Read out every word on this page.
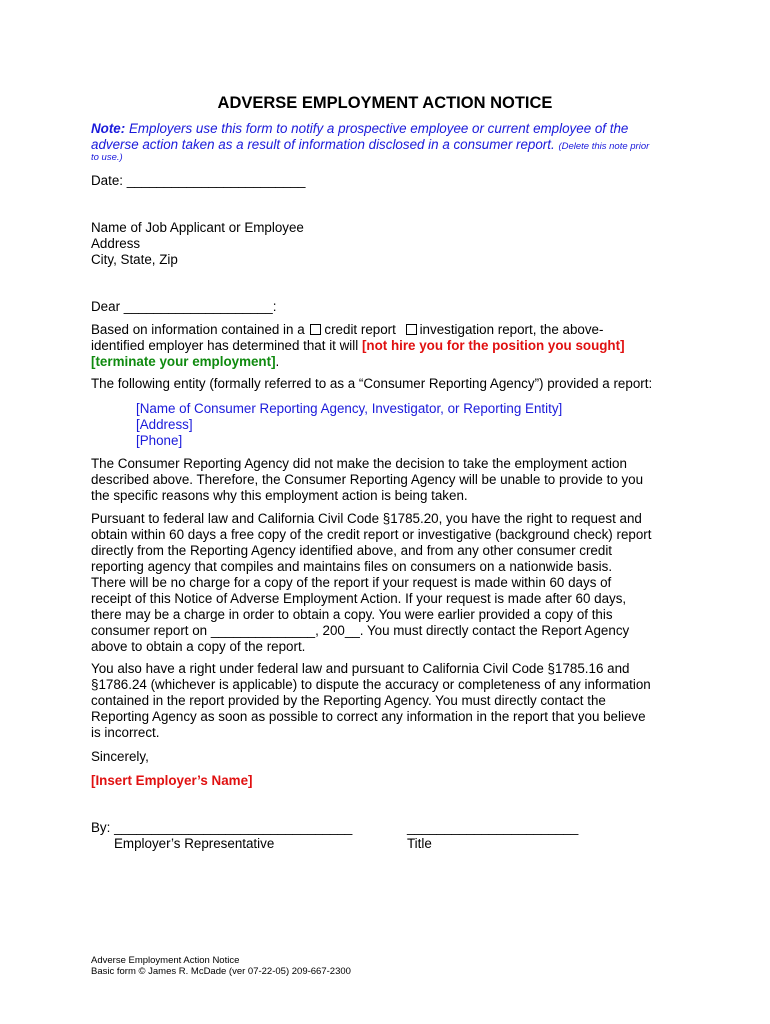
ADVERSE EMPLOYMENT ACTION NOTICE
Note: Employers use this form to notify a prospective employee or current employee of the
adverse action taken as a result of information disclosed in a consumer report. (Delete this note prior
to use.)
Date: ________________________
Name of Job Applicant or Employee
Address
City, State, Zip
Dear ____________________:
Based on information contained in a credit report investigation report, the above-
identified employer has determined that it will [not hire you for the position you sought]
[terminate your employment].
The following entity (formally referred to as a “Consumer Reporting Agency”) provided a report:
[Name of Consumer Reporting Agency, Investigator, or Reporting Entity]
[Address]
[Phone]
The Consumer Reporting Agency did not make the decision to take the employment action
described above. Therefore, the Consumer Reporting Agency will be unable to provide to you
the specific reasons why this employment action is being taken.
Pursuant to federal law and California Civil Code §1785.20, you have the right to request and
obtain within 60 days a free copy of the credit report or investigative (background check) report
directly from the Reporting Agency identified above, and from any other consumer credit
reporting agency that compiles and maintains files on consumers on a nationwide basis.
There will be no charge for a copy of the report if your request is made within 60 days of
receipt of this Notice of Adverse Employment Action. If your request is made after 60 days,
there may be a charge in order to obtain a copy. You were earlier provided a copy of this
consumer report on ______________, 200__. You must directly contact the Report Agency
above to obtain a copy of the report.
You also have a right under federal law and pursuant to California Civil Code §1785.16 and
§1786.24 (whichever is applicable) to dispute the accuracy or completeness of any information
contained in the report provided by the Reporting Agency. You must directly contact the
Reporting Agency as soon as possible to correct any information in the report that you believe
is incorrect.
Sincerely,
[Insert Employer’s Name]
By: ________________________________	_______________________
Employer’s Representative	Title
Adverse Employment Action Notice
Basic form © James R. McDade (ver 07-22-05) 209-667-2300
